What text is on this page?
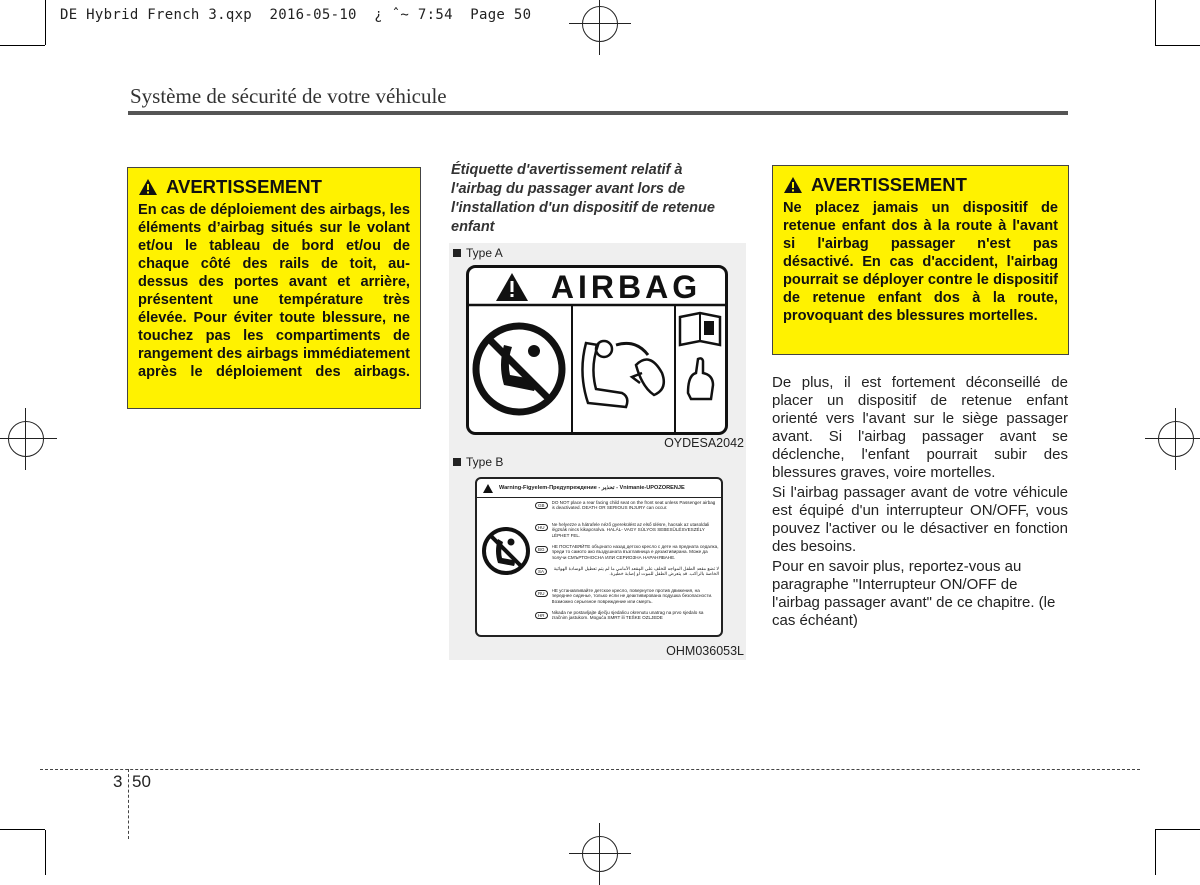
DE Hybrid French 3.qxp  2016-05-10  ¿ ˆ~ 7:54  Page 50
Système de sécurité de votre véhicule
AVERTISSEMENT
En cas de déploiement des airbags, les éléments d’airbag situés sur le volant et/ou le tableau de bord et/ou de chaque côté des rails de toit, au-dessus des portes avant et arrière, présentent une température très élevée. Pour éviter toute blessure, ne touchez pas les compartiments de rangement des airbags immédiatement après le déploiement des airbags.
Étiquette d'avertissement relatif à l'airbag du passager avant lors de l'installation d'un dispositif de retenue enfant
Type A
AIRBAG
OYDESA2042
Type B
Warning-Figyelem-Предупреждение - تحذير - Vnimanie-UPOZORENJE
GB
DO NOT place a rear facing child seat on the front seat unless Passenger airbag is deactivated. DEATH OR SERIOUS INJURY can occur.
HU
Ne helyezze a hátrafele néző gyerekülést az első ülésre, hacsak az utasoldali légzsák nincs kikapcsolva. HALÁL- VAGY SÚLYOS SEBESÜLÉSVESZÉLY LÉPHET FEL.
BG
НЕ ПОСТАВЯЙТЕ обърнато назад детско кресло с дете на предната седалка, преди то самото ако въздушната възглавница е дезактивирана. Може да получи СМЪРТОНОСНА ИЛИ СЕРИОЗНА НАРАНЯВАНЕ.
SA
لا تضع مقعد الطفل المواجه للخلف على المقعد الأمامي ما لم يتم تعطيل الوسادة الهوائية الخاصة بالراكب. قد يتعرض الطفل للموت أو إصابة خطيرة.
RU
НЕ устанавливайте детское кресло, повернутое против движения, на переднее сиденье, только если не деактивирована подушка безопасности. Возможно серьезное повреждение или смерть.
HR
Nikada ne postavljajte dječju sjedalicu okrenutu unatrag na prvo sjedalo sa zračnim jastukom. Moguća SMRT ili TEŠKE OZLJEDE
OHM036053L
AVERTISSEMENT
Ne placez jamais un dispositif de retenue enfant dos à la route à l'avant si l'airbag passager n'est pas désactivé. En cas d'accident, l'airbag pourrait se déployer contre le dispositif de retenue enfant dos à la route, provoquant des blessures mortelles.

De plus, il est fortement déconseillé de placer un dispositif de retenue enfant orienté vers l'avant sur le siège passager avant. Si l'airbag passager avant se déclenche, l'enfant pourrait subir des blessures graves, voire mortelles.

Si l'airbag passager avant de votre véhicule est équipé d'un interrupteur ON/OFF, vous pouvez l'activer ou le désactiver en fonction des besoins.

Pour en savoir plus, reportez-vous au paragraphe "Interrupteur ON/OFF de l'airbag passager avant" de ce chapitre. (le cas échéant)

3 50
